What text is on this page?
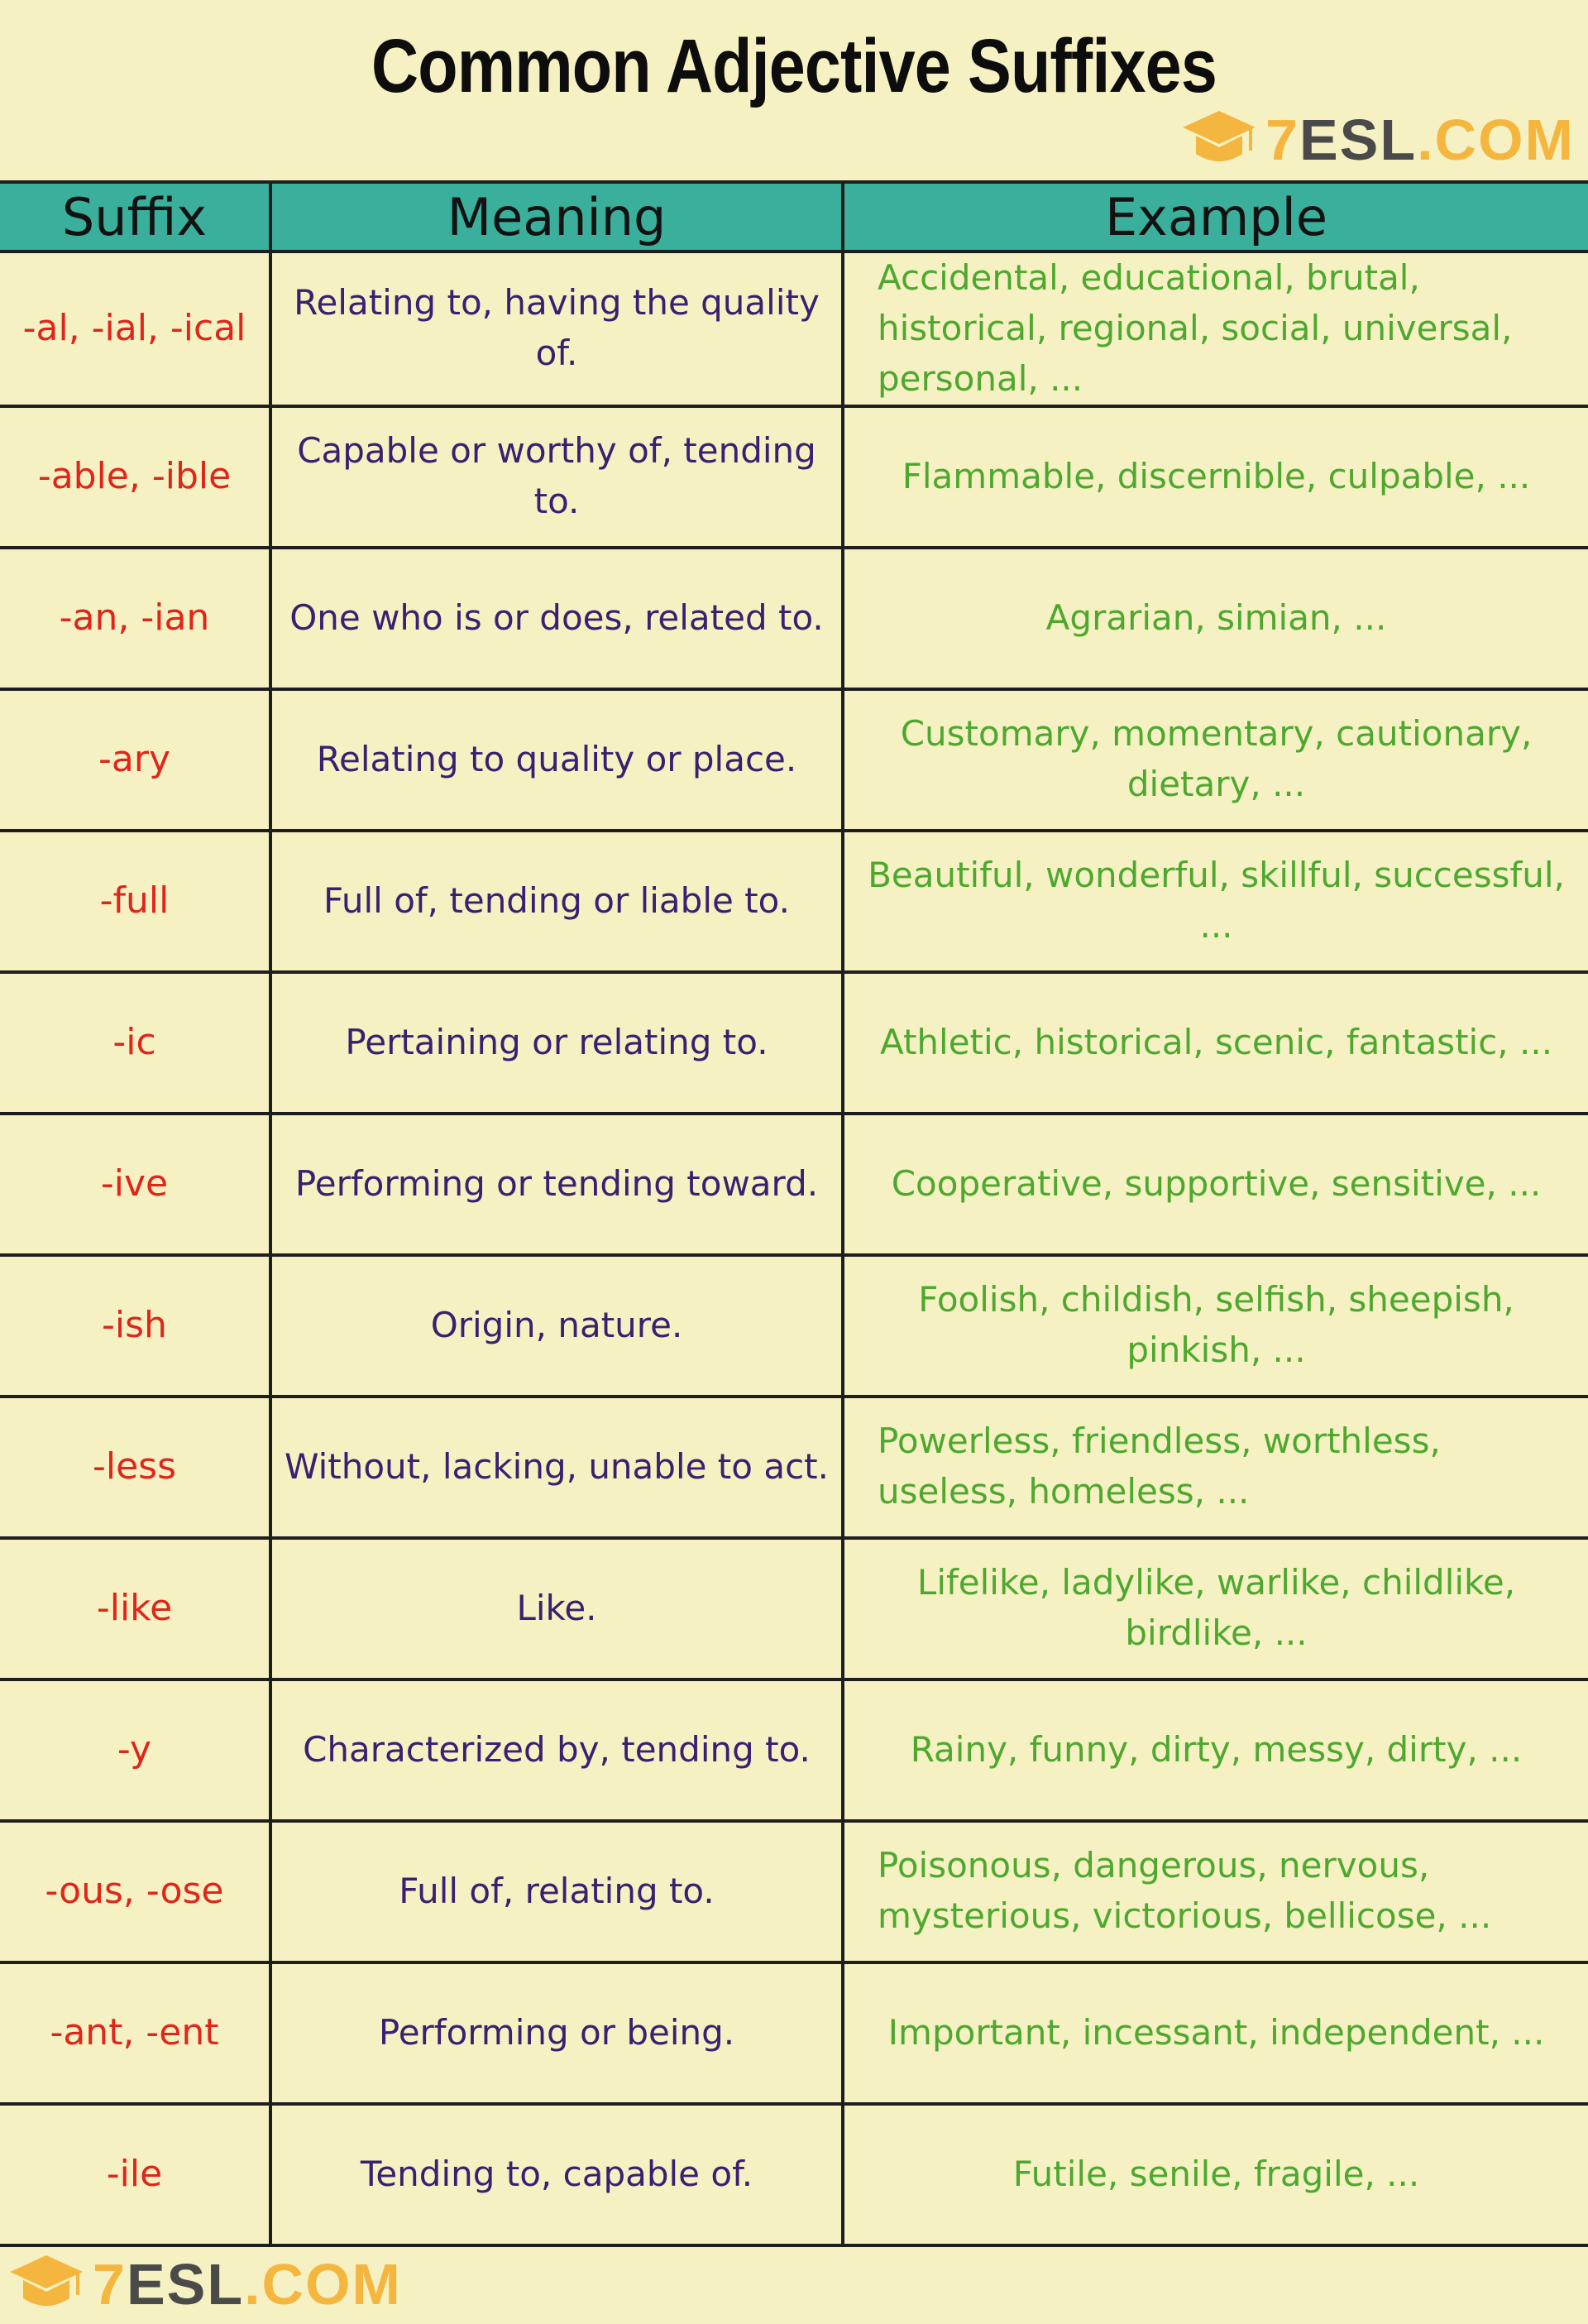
Common Adjective Suffixes
7ESL.COM
Suffix	Meaning	Example
-al, -ial, -ical	Relating to, having the quality of.	Accidental, educational, brutal, historical, regional, social, universal, personal, ...
-able, -ible	Capable or worthy of, tending to.	Flammable, discernible, culpable, ...
-an, -ian	One who is or does, related to.	Agrarian, simian, ...
-ary	Relating to quality or place.	Customary, momentary, cautionary, dietary, ...
-full	Full of, tending or liable to.	Beautiful, wonderful, skillful, successful, ...
-ic	Pertaining or relating to.	Athletic, historical, scenic, fantastic, ...
-ive	Performing or tending toward.	Cooperative, supportive, sensitive, ...
-ish	Origin, nature.	Foolish, childish, selfish, sheepish, pinkish, ...
-less	Without, lacking, unable to act.	Powerless, friendless, worthless, useless, homeless, ...
-like	Like.	Lifelike, ladylike, warlike, childlike, birdlike, ...
-y	Characterized by, tending to.	Rainy, funny, dirty, messy, dirty, ...
-ous, -ose	Full of, relating to.	Poisonous, dangerous, nervous, mysterious, victorious, bellicose, ...
-ant, -ent	Performing or being.	Important, incessant, independent, ...
-ile	Tending to, capable of.	Futile, senile, fragile, ...
7ESL.COM
